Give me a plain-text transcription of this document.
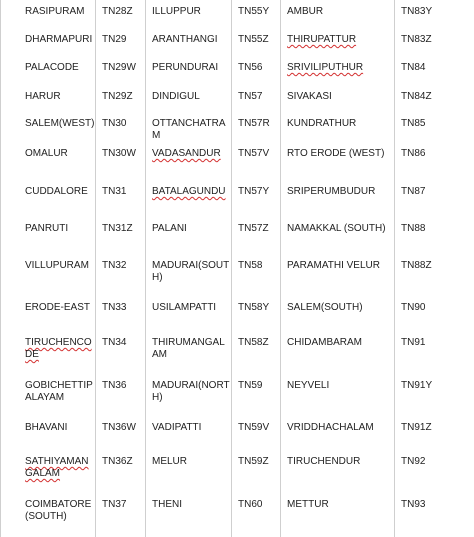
RASIPURAM	TN28Z	ILLUPPUR	TN55Y	AMBUR	TN83Y
DHARMAPURI	TN29	ARANTHANGI	TN55Z	THIRUPATTUR	TN83Z
PALACODE	TN29W	PERUNDURAI	TN56	SRIVILIPUTHUR	TN84
HARUR	TN29Z	DINDIGUL	TN57	SIVAKASI	TN84Z
SALEM(WEST)	TN30	OTTANCHATRAM	TN57R	KUNDRATHUR	TN85
OMALUR	TN30W	VADASANDUR	TN57V	RTO ERODE (WEST)	TN86
CUDDALORE	TN31	BATALAGUNDU	TN57Y	SRIPERUMBUDUR	TN87
PANRUTI	TN31Z	PALANI	TN57Z	NAMAKKAL (SOUTH)	TN88
VILLUPURAM	TN32	MADURAI(SOUTH)	TN58	PARAMATHI VELUR	TN88Z
ERODE-EAST	TN33	USILAMPATTI	TN58Y	SALEM(SOUTH)	TN90
TIRUCHENCODE	TN34	THIRUMANGALAM	TN58Z	CHIDAMBARAM	TN91
GOBICHETTIPALAYAM	TN36	MADURAI(NORTH)	TN59	NEYVELI	TN91Y
BHAVANI	TN36W	VADIPATTI	TN59V	VRIDDHACHALAM	TN91Z
SATHIYAMANGALAM	TN36Z	MELUR	TN59Z	TIRUCHENDUR	TN92
COIMBATORE(SOUTH)	TN37	THENI	TN60	METTUR	TN93
